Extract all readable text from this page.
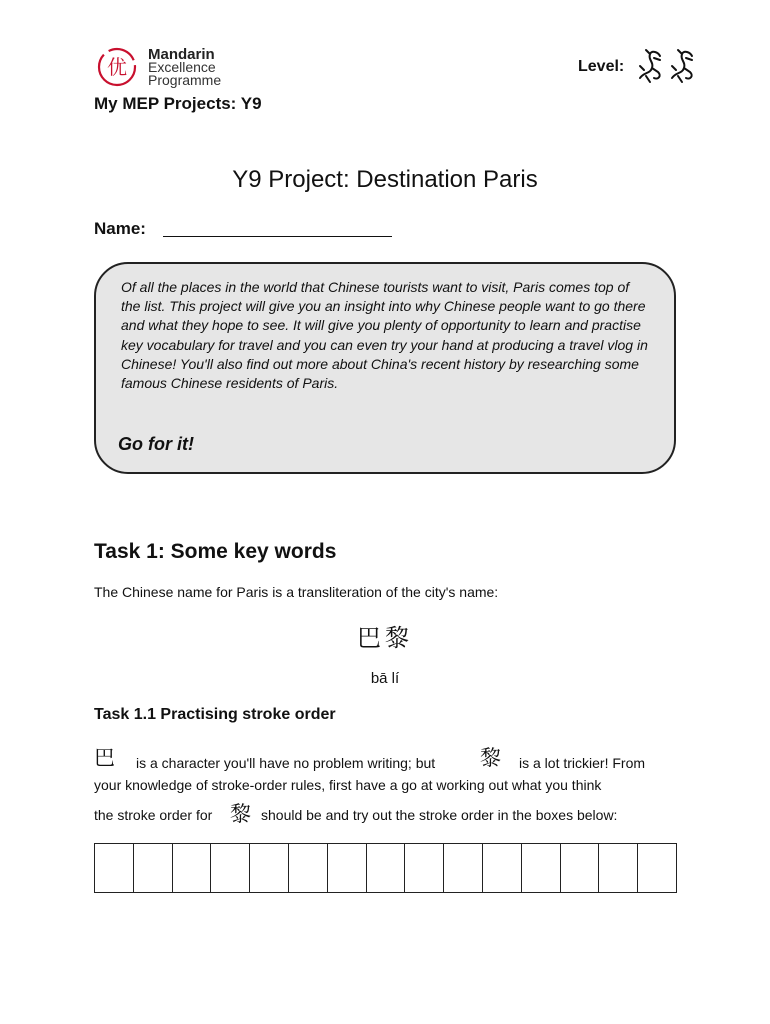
优
Mandarin
Excellence
Programme
Level:
My MEP Projects: Y9
Y9 Project: Destination Paris
Name:
Of all the places in the world that Chinese tourists want to visit, Paris comes top of the list. This project will give you an insight into why Chinese people want to go there and what they hope to see. It will give you plenty of opportunity to learn and practise key vocabulary for travel and you can even try your hand at producing a travel vlog in Chinese! You'll also find out more about China's recent history by researching some famous Chinese residents of Paris.
Go for it!
Task 1: Some key words
The Chinese name for Paris is a transliteration of the city's name:
巴黎
bā lí
Task 1.1 Practising stroke order
巴 is a character you'll have no problem writing; but 黎 is a lot trickier! From
your knowledge of stroke-order rules, first have a go at working out what you think
the stroke order for 黎 should be and try out the stroke order in the boxes below:
